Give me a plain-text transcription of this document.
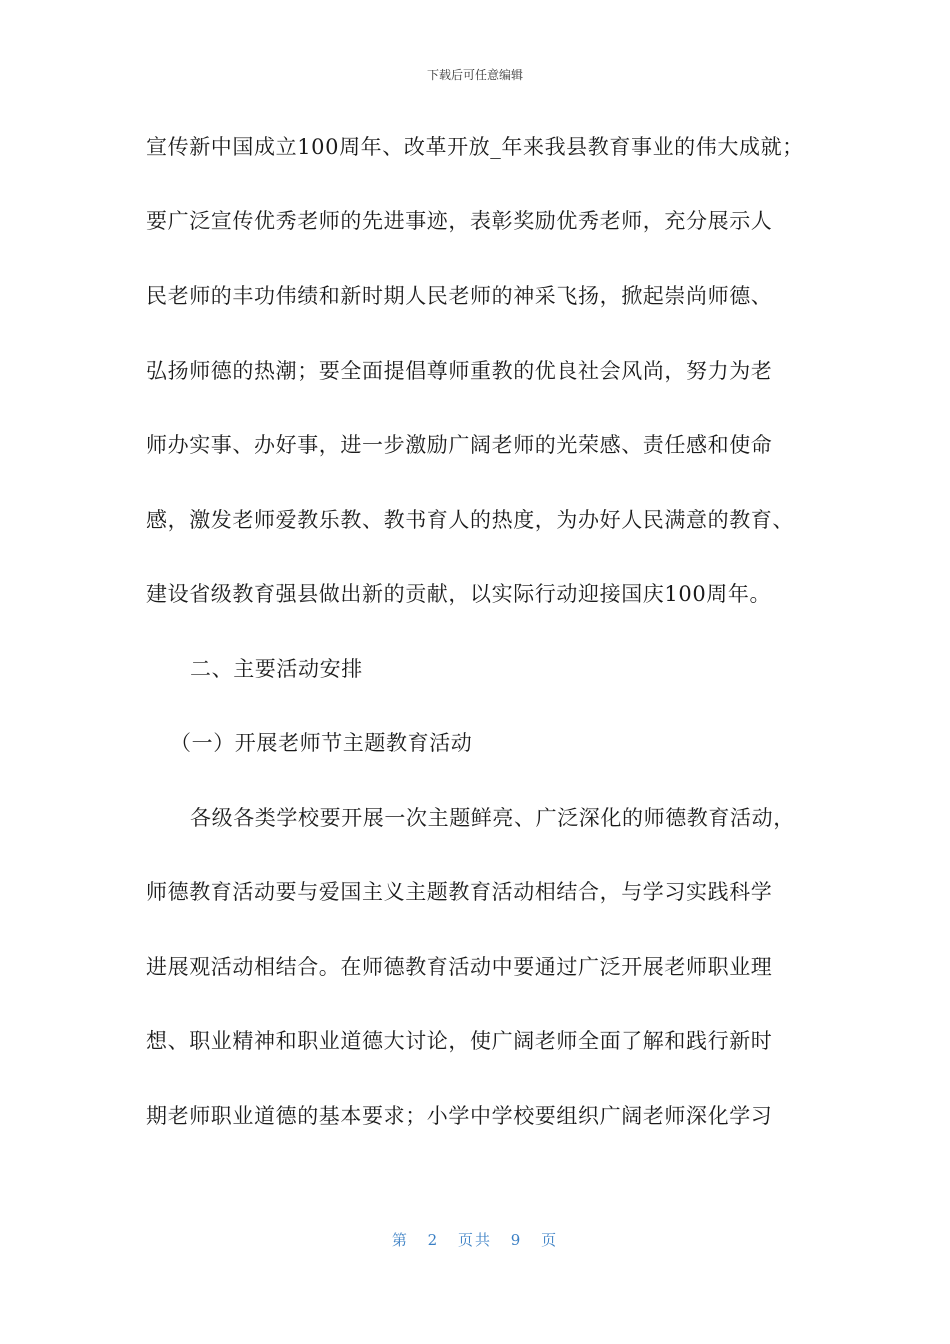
下载后可任意编辑
宣传新中国成立100周年、改革开放_年来我县教育事业的伟大成就；
要广泛宣传优秀老师的先进事迹，表彰奖励优秀老师，充分展示人
民老师的丰功伟绩和新时期人民老师的神采飞扬，掀起崇尚师德、
弘扬师德的热潮；要全面提倡尊师重教的优良社会风尚，努力为老
师办实事、办好事，进一步激励广阔老师的光荣感、责任感和使命
感，激发老师爱教乐教、教书育人的热度，为办好人民满意的教育、
建设省级教育强县做出新的贡献，以实际行动迎接国庆100周年。
二、主要活动安排
（一）开展老师节主题教育活动
各级各类学校要开展一次主题鲜亮、广泛深化的师德教育活动，
师德教育活动要与爱国主义主题教育活动相结合，与学习实践科学
进展观活动相结合。在师德教育活动中要通过广泛开展老师职业理
想、职业精神和职业道德大讨论，使广阔老师全面了解和践行新时
期老师职业道德的基本要求；小学中学校要组织广阔老师深化学习
第 2 页共 9 页
